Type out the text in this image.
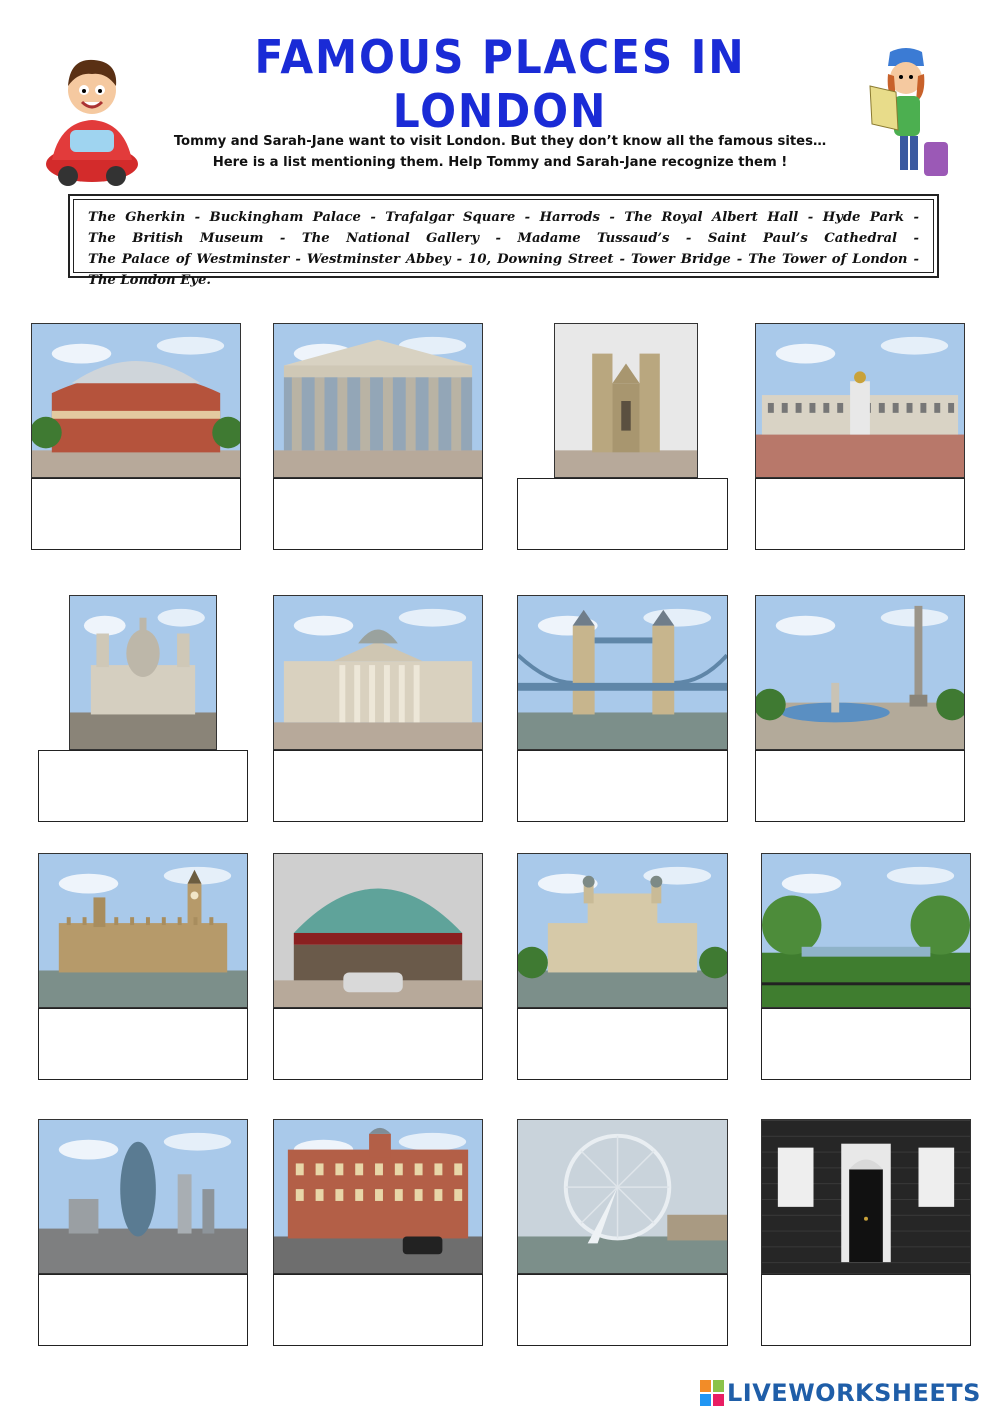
FAMOUS PLACES IN LONDON
Tommy and Sarah-Jane want to visit London. But they don’t know all the famous sites…
Here is a list mentioning them. Help Tommy and Sarah-Jane recognize them !
The Gherkin - Buckingham Palace - Trafalgar Square - Harrods - The Royal Albert Hall - Hyde Park - The British Museum - The National Gallery - Madame Tussaud’s - Saint Paul’s Cathedral - The Palace of Westminster - Westminster Abbey - 10, Downing Street - Tower Bridge - The Tower of London - The London Eye.
LIVEWORKSHEETS
